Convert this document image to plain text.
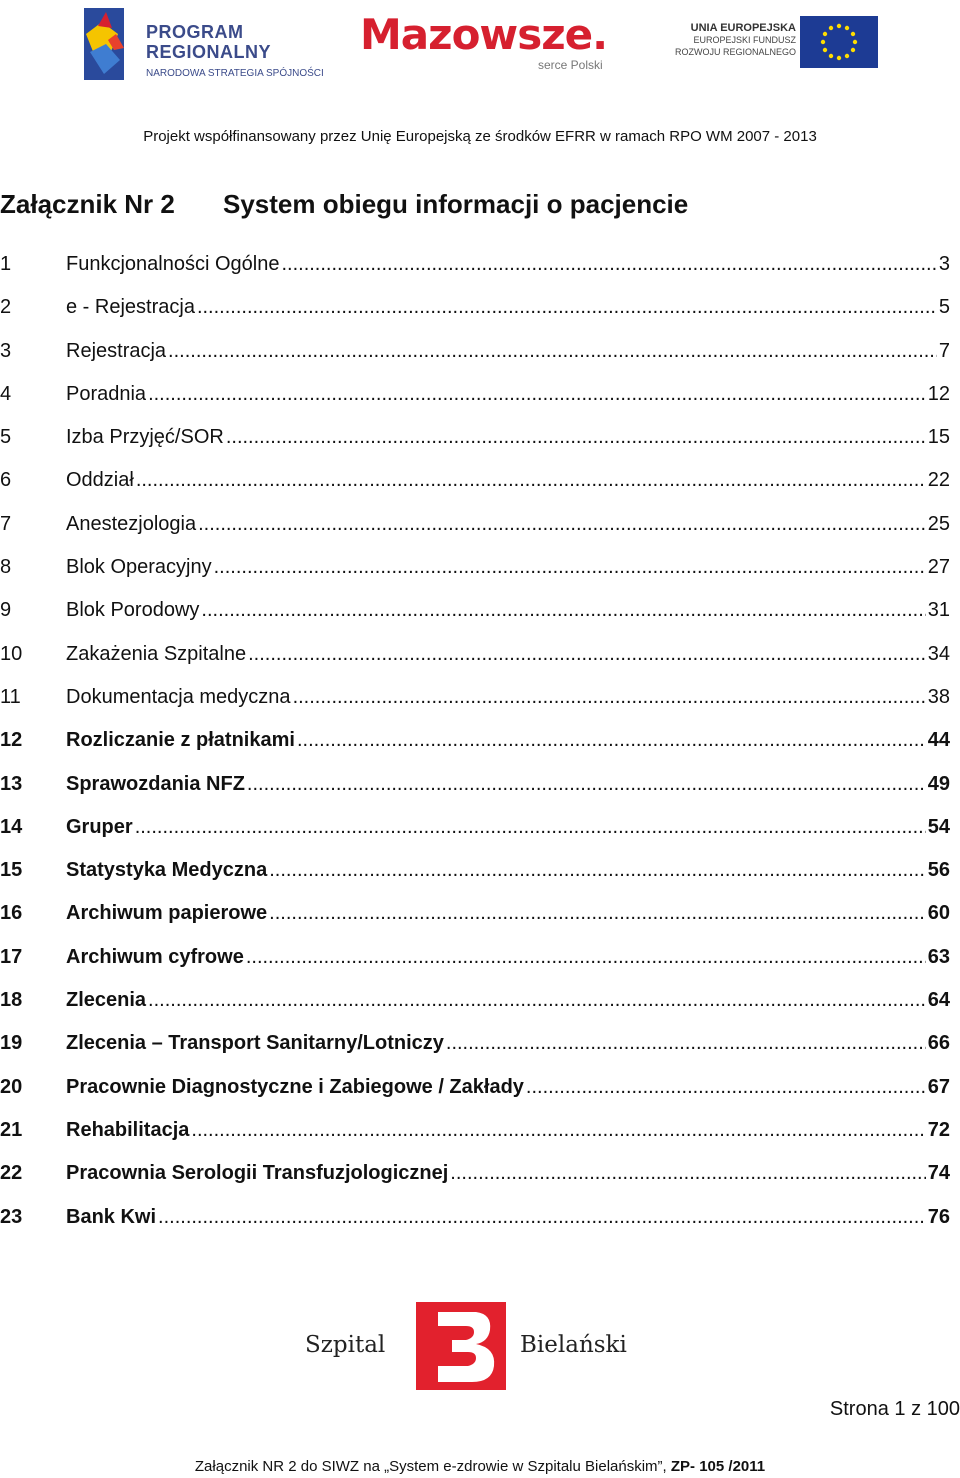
PROGRAM
REGIONALNY
NARODOWA STRATEGIA SPÓJNOŚCI
Mazowsze.
serce Polski
UNIA EUROPEJSKA
EUROPEJSKI FUNDUSZ
ROZWOJU REGIONALNEGO
Projekt współfinansowany przez Unię Europejską ze środków EFRR w ramach RPO WM 2007 - 2013
Załącznik Nr 2 System obiegu informacji o pacjencie
1	Funkcjonalności Ogólne .....	3
2	e - Rejestracja .....	5
3	Rejestracja .....	7
4	Poradnia .....	12
5	Izba Przyjęć/SOR .....	15
6	Oddział .....	22
7	Anestezjologia .....	25
8	Blok Operacyjny .....	27
9	Blok Porodowy .....	31
10	Zakażenia Szpitalne .....	34
11	Dokumentacja medyczna .....	38
12	Rozliczanie z płatnikami .....	44
13	Sprawozdania NFZ .....	49
14	Gruper .....	54
15	Statystyka Medyczna .....	56
16	Archiwum papierowe .....	60
17	Archiwum cyfrowe .....	63
18	Zlecenia .....	64
19	Zlecenia – Transport Sanitarny/Lotniczy .....	66
20	Pracownie Diagnostyczne i Zabiegowe / Zakłady .....	67
21	Rehabilitacja .....	72
22	Pracownia Serologii Transfuzjologicznej .....	74
23	Bank Kwi .....	76
Szpital	Bielański
Strona 1 z 100
Załącznik NR 2 do SIWZ na „System e-zdrowie w Szpitalu Bielańskim”, ZP- 105 /2011
